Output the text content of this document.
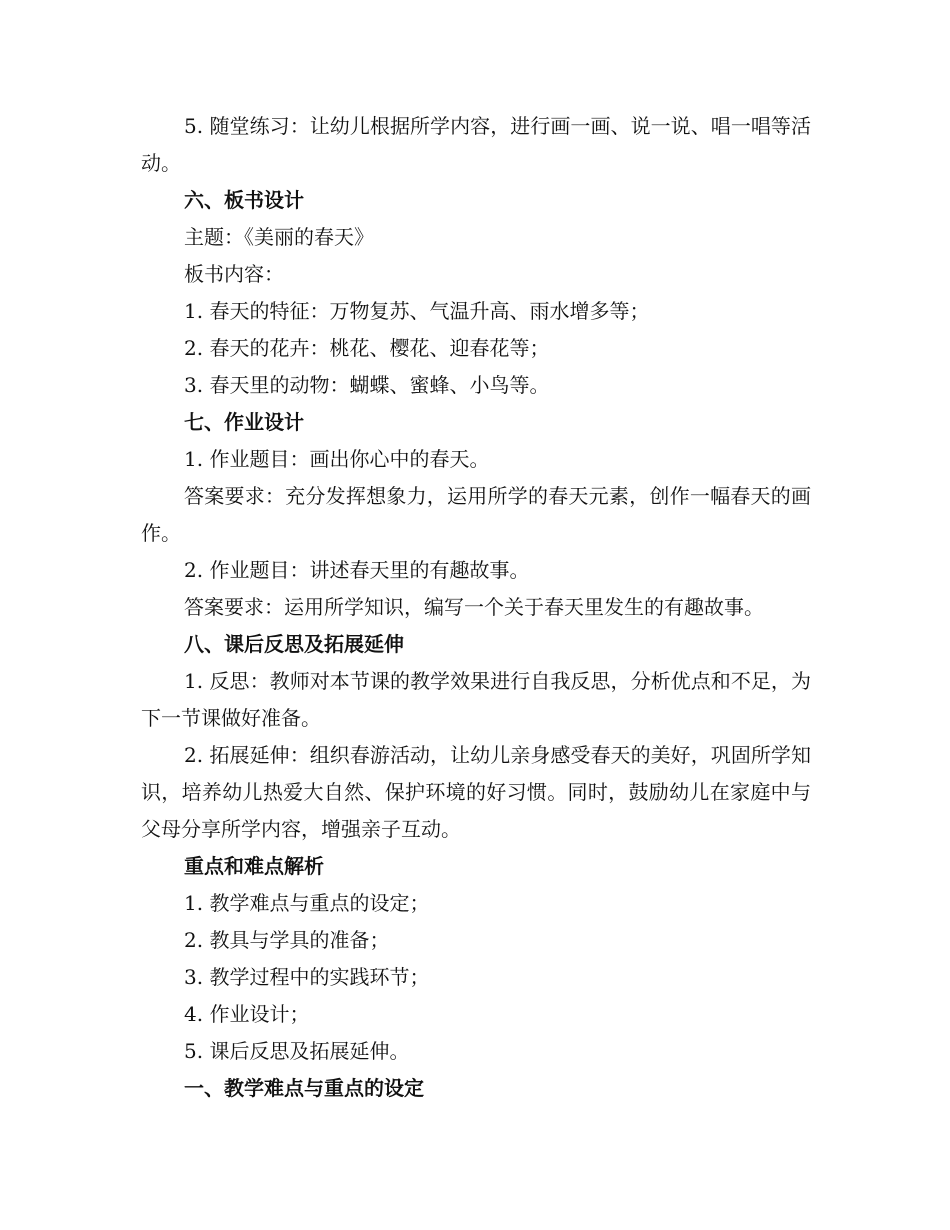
5. 随堂练习：让幼儿根据所学内容，进行画一画、说一说、唱一唱等活动。

六、板书设计

主题：《美丽的春天》

板书内容：

1. 春天的特征：万物复苏、气温升高、雨水增多等；

2. 春天的花卉：桃花、樱花、迎春花等；

3. 春天里的动物：蝴蝶、蜜蜂、小鸟等。

七、作业设计

1. 作业题目：画出你心中的春天。

答案要求：充分发挥想象力，运用所学的春天元素，创作一幅春天的画作。

2. 作业题目：讲述春天里的有趣故事。

答案要求：运用所学知识，编写一个关于春天里发生的有趣故事。

八、课后反思及拓展延伸

1. 反思：教师对本节课的教学效果进行自我反思，分析优点和不足，为下一节课做好准备。

2. 拓展延伸：组织春游活动，让幼儿亲身感受春天的美好，巩固所学知识，培养幼儿热爱大自然、保护环境的好习惯。同时，鼓励幼儿在家庭中与父母分享所学内容，增强亲子互动。

重点和难点解析

1. 教学难点与重点的设定；

2. 教具与学具的准备；

3. 教学过程中的实践环节；

4. 作业设计；

5. 课后反思及拓展延伸。

一、教学难点与重点的设定
